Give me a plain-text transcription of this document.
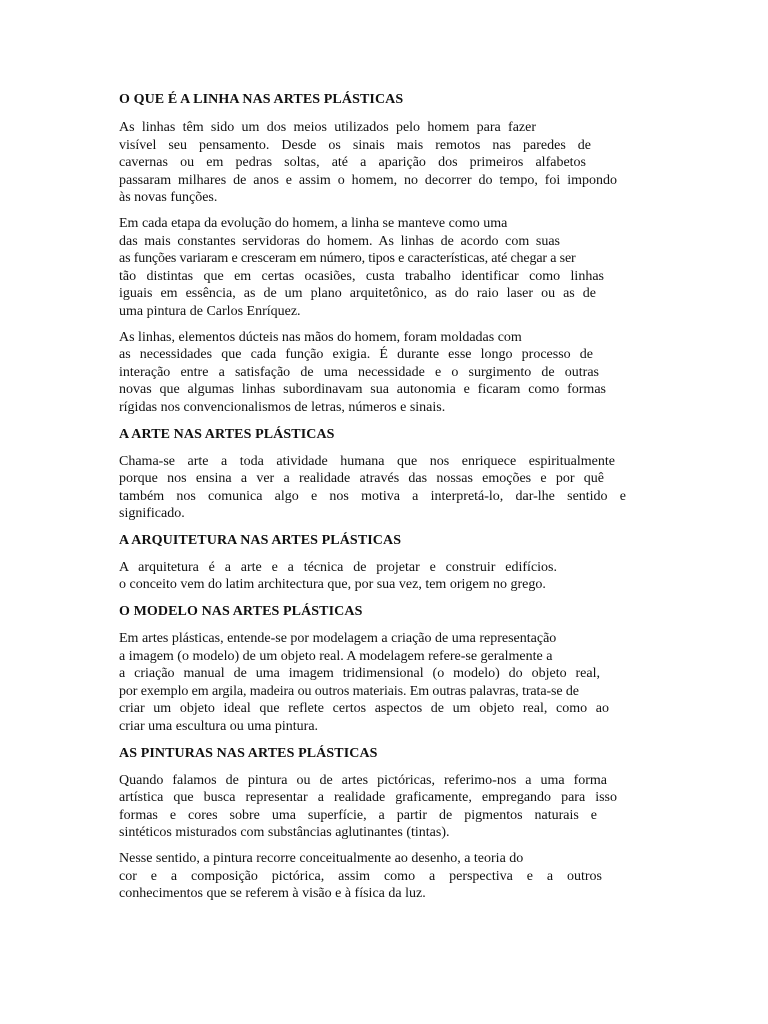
O QUE É A LINHA NAS ARTES PLÁSTICAS
As linhas têm sido um dos meios utilizados pelo homem para fazer
visível seu pensamento. Desde os sinais mais remotos nas paredes de
cavernas ou em pedras soltas, até a aparição dos primeiros alfabetos
passaram milhares de anos e assim o homem, no decorrer do tempo, foi impondo
às novas funções.
Em cada etapa da evolução do homem, a linha se manteve como uma
das mais constantes servidoras do homem. As linhas de acordo com suas
as funções variaram e cresceram em número, tipos e características, até chegar a ser
tão distintas que em certas ocasiões, custa trabalho identificar como linhas
iguais em essência, as de um plano arquitetônico, as do raio laser ou as de
uma pintura de Carlos Enríquez.
As linhas, elementos dúcteis nas mãos do homem, foram moldadas com
as necessidades que cada função exigia. É durante esse longo processo de
interação entre a satisfação de uma necessidade e o surgimento de outras
novas que algumas linhas subordinavam sua autonomia e ficaram como formas
rígidas nos convencionalismos de letras, números e sinais.
A ARTE NAS ARTES PLÁSTICAS
Chama-se arte a toda atividade humana que nos enriquece espiritualmente
porque nos ensina a ver a realidade através das nossas emoções e por quê
também nos comunica algo e nos motiva a interpretá-lo, dar-lhe sentido e
significado.
A ARQUITETURA NAS ARTES PLÁSTICAS
A arquitetura é a arte e a técnica de projetar e construir edifícios.
o conceito vem do latim architectura que, por sua vez, tem origem no grego.
O MODELO NAS ARTES PLÁSTICAS
Em artes plásticas, entende-se por modelagem a criação de uma representação
a imagem (o modelo) de um objeto real. A modelagem refere-se geralmente a
a criação manual de uma imagem tridimensional (o modelo) do objeto real,
por exemplo em argila, madeira ou outros materiais. Em outras palavras, trata-se de
criar um objeto ideal que reflete certos aspectos de um objeto real, como ao
criar uma escultura ou uma pintura.
AS PINTURAS NAS ARTES PLÁSTICAS
Quando falamos de pintura ou de artes pictóricas, referimo-nos a uma forma
artística que busca representar a realidade graficamente, empregando para isso
formas e cores sobre uma superfície, a partir de pigmentos naturais e
sintéticos misturados com substâncias aglutinantes (tintas).
Nesse sentido, a pintura recorre conceitualmente ao desenho, a teoria do
cor e a composição pictórica, assim como a perspectiva e a outros
conhecimentos que se referem à visão e à física da luz.
